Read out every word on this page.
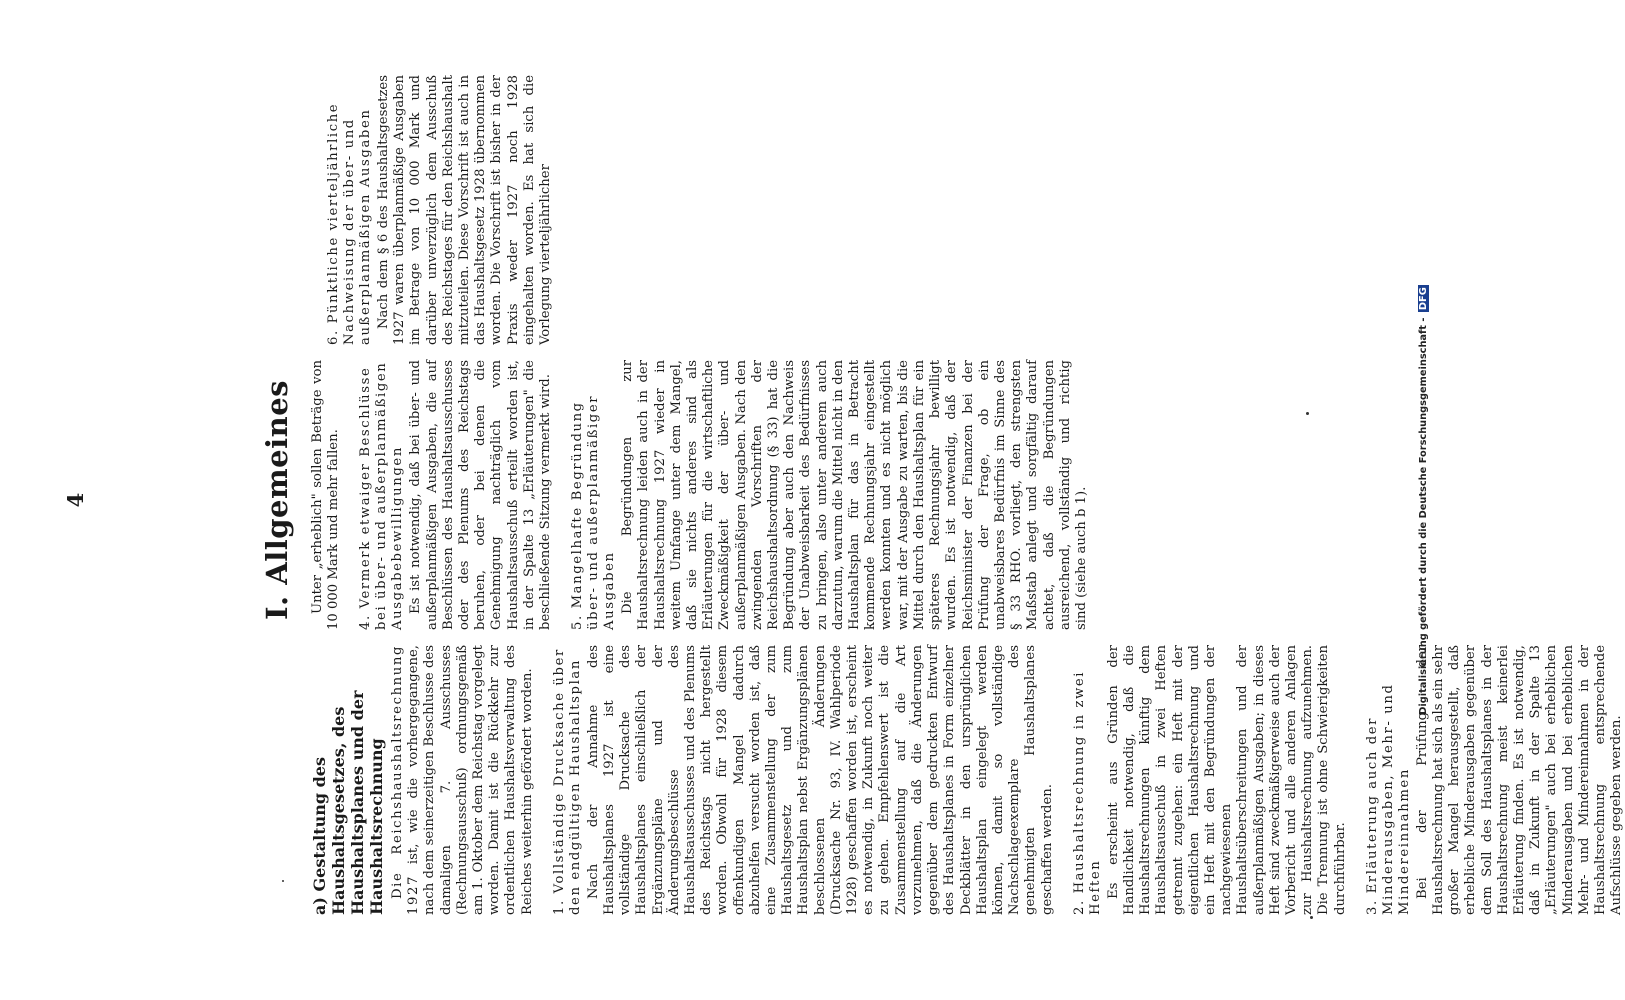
4	I. Allgemeines
a) Gestaltung des Haushaltsgesetzes, des Haushaltsplanes und der Haushaltsrechnung Die Reichshaushaltsrechnung 1927 ist, wie die vorhergegangene, nach dem seinerzeitigen Beschlusse des damaligen 7. Ausschusses (Rechnungsausschuß) ordnungsgemäß am 1. Oktober dem Reichstag vorgelegt worden. Damit ist die Rückkehr zur ordentlichen Haushaltsverwaltung des Reiches weiterhin gefördert worden. 1. Vollständige Drucksache über den endgültigen Haushaltsplan Nach der Annahme des Haushaltsplanes 1927 ist eine vollständige Drucksache des Haushaltsplanes einschließlich der Ergänzungspläne und der Änderungsbeschlüsse des Haushaltsausschusses und des Plenums des Reichstags nicht hergestellt worden. Obwohl für 1928 diesem offenkundigen Mangel dadurch abzuhelfen versucht worden ist, daß eine Zusammenstellung der zum Haushaltsgesetz und zum Haushaltsplan nebst Ergänzungsplänen beschlossenen Änderungen (Drucksache Nr. 93, IV. Wahlperiode 1928) geschaffen worden ist, erscheint es notwendig, in Zukunft noch weiter zu gehen. Empfehlenswert ist die Zusammenstellung auf die Art vorzunehmen, daß die Änderungen gegenüber dem gedruckten Entwurf des Haushaltsplanes in Form einzelner Deckblätter in den ursprünglichen Haushaltsplan eingelegt werden können, damit so vollständige Nachschlageexemplare des genehmigten Haushaltsplanes geschaffen werden. 2. Haushaltsrechnung in zwei Heften Es erscheint aus Gründen der Handlichkeit notwendig, daß die Haushaltsrechnungen künftig dem Haushaltsausschuß in zwei Heften getrennt zugehen: ein Heft mit der eigentlichen Haushaltsrechnung und ein Heft mit den Begründungen der nachgewiesenen Haushaltsüberschreitungen und der außerplanmäßigen Ausgaben; in dieses Heft sind zweckmäßigerweise auch der Vorbericht und alle anderen Anlagen zur Haushaltsrechnung aufzunehmen. Die Trennung ist ohne Schwierigkeiten durchführbar. 3. Erläuterung auch der Minderausgaben, Mehr- und Mindereinnahmen Bei der Prüfung der Haushaltsrechnung hat sich als ein sehr großer Mangel herausgestellt, daß erhebliche Minderausgaben gegenüber dem Soll des Haushaltsplanes in der Haushaltsrechnung meist keinerlei Erläuterung finden. Es ist notwendig, daß in Zukunft in der Spalte 13 „Erläuterungen" auch bei erheblichen Minderausgaben und bei erheblichen Mehr- und Mindereinnahmen in der Haushaltsrechnung entsprechende Aufschlüsse gegeben werden.

Unter „erheblich" sollen Beträge von 10 000 Mark und mehr fallen. 4. Vermerk etwaiger Beschlüsse bei über- und außerplanmäßigen Ausgabebewilligungen Es ist notwendig, daß bei über- und außerplanmäßigen Ausgaben, die auf Beschlüssen des Haushaltsausschusses oder des Plenums des Reichstags beruhen, oder bei denen die Genehmigung nachträglich vom Haushaltsausschuß erteilt worden ist, in der Spalte 13 „Erläuterungen" die beschließende Sitzung vermerkt wird. 5. Mangelhafte Begründung über- und außerplanmäßiger Ausgaben Die Begründungen zur Haushaltsrechnung leiden auch in der Haushaltsrechnung 1927 wieder in weitem Umfange unter dem Mangel, daß sie nichts anderes sind als Erläuterungen für die wirtschaftliche Zweckmäßigkeit der über- und außerplanmäßigen Ausgaben. Nach den zwingenden Vorschriften der Reichshaushaltsordnung (§ 33) hat die Begründung aber auch den Nachweis der Unabweisbarkeit des Bedürfnisses zu bringen, also unter anderem auch darzutun, warum die Mittel nicht in den Haushaltsplan für das in Betracht kommende Rechnungsjahr eingestellt werden konnten und es nicht möglich war, mit der Ausgabe zu warten, bis die Mittel durch den Haushaltsplan für ein späteres Rechnungsjahr bewilligt wurden. Es ist notwendig, daß der Reichsminister der Finanzen bei der Prüfung der Frage, ob ein unabweisbares Bedürfnis im Sinne des § 33 RHO. vorliegt, den strengsten Maßstab anlegt und sorgfältig darauf achtet, daß die Begründungen ausreichend, vollständig und richtig sind (siehe auch b 1).

6. Pünktliche vierteljährliche Nachweisung der über- und außerplanmäßigen Ausgaben Nach dem § 6 des Haushaltsgesetzes 1927 waren überplanmäßige Ausgaben im Betrage von 10 000 Mark und darüber unverzüglich dem Ausschuß des Reichstages für den Reichshaushalt mitzuteilen. Diese Vorschrift ist auch in das Haushaltsgesetz 1928 übernommen worden. Die Vorschrift ist bisher in der Praxis weder 1927 noch 1928 eingehalten worden. Es hat sich die Vorlegung vierteljährlicher

Digitalisierung gefördert durch die Deutsche Forschungsgemeinschaft - DFG
